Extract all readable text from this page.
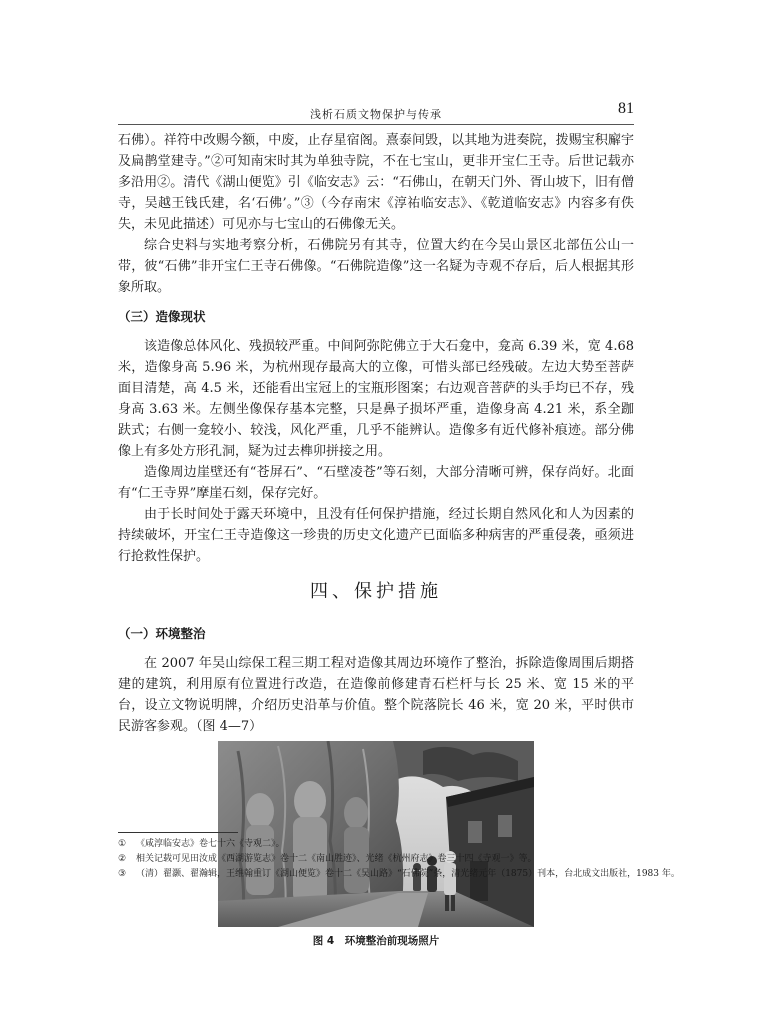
浅析石质文物保护与传承	81

石佛）。祥符中改赐今额，中废，止存星宿阁。熹泰间毁，以其地为进奏院，拨赐宝积廨宇及扁鹊堂建寺。”②可知南宋时其为单独寺院，不在七宝山，更非开宝仁王寺。后世记载亦多沿用②。清代《湖山便览》引《临安志》云：“石佛山，在朝天门外、胥山坡下，旧有僧寺，吴越王钱氏建，名‘石佛’。”③（今存南宋《淳祐临安志》、《乾道临安志》内容多有佚失，未见此描述）可见亦与七宝山的石佛像无关。

综合史料与实地考察分析，石佛院另有其寺，位置大约在今吴山景区北部伍公山一带，彼“石佛”非开宝仁王寺石佛像。“石佛院造像”这一名疑为寺观不存后，后人根据其形象所取。

（三）造像现状

该造像总体风化、残损较严重。中间阿弥陀佛立于大石龛中，龛高 6.39 米，宽 4.68 米，造像身高 5.96 米，为杭州现存最高大的立像，可惜头部已经残破。左边大势至菩萨面目清楚，高 4.5 米，还能看出宝冠上的宝瓶形图案；右边观音菩萨的头手均已不存，残身高 3.63 米。左侧坐像保存基本完整，只是鼻子损坏严重，造像身高 4.21 米，系全跏趺式；右侧一龛较小、较浅，风化严重，几乎不能辨认。造像多有近代修补痕迹。部分佛像上有多处方形孔洞，疑为过去榫卯拼接之用。

造像周边崖壁还有“苍屏石”、“石壁凌苍”等石刻，大部分清晰可辨，保存尚好。北面有“仁王寺界”摩崖石刻，保存完好。

由于长时间处于露天环境中，且没有任何保护措施，经过长期自然风化和人为因素的持续破坏，开宝仁王寺造像这一珍贵的历史文化遗产已面临多种病害的严重侵袭，亟须进行抢救性保护。

四、保护措施
（一）环境整治

在 2007 年吴山综保工程三期工程对造像其周边环境作了整治，拆除造像周围后期搭建的建筑，利用原有位置进行改造，在造像前修建青石栏杆与长 25 米、宽 15 米的平台，设立文物说明牌，介绍历史沿革与价值。整个院落院长 46 米，宽 20 米，平时供市民游客参观。（图 4—7）

图 4　环境整治前现场照片

① 《咸淳临安志》卷七十六《寺观二》。

② 相关记载可见田汝成《西湖游览志》卷十二《南山胜迹》、光绪《杭州府志》卷三十四《寺观一》等。

③ （清）翟灏、翟瀚辑，王维翰重订《湖山便览》卷十二《吴山路》“石佛院”条，清光绪元年（1875）刊本，台北成文出版社，1983 年。
